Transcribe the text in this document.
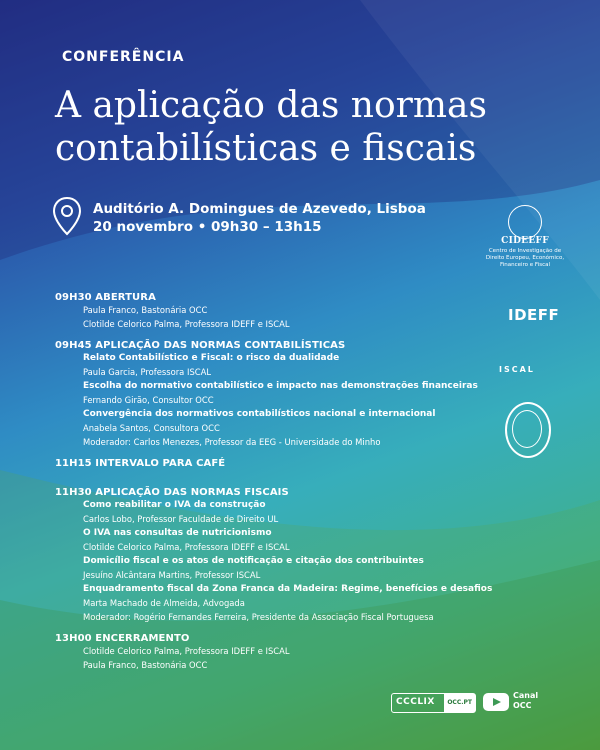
CONFERÊNCIA
A aplicação das normas
contabilísticas e fiscais
Auditório A. Domingues de Azevedo, Lisboa
20 novembro • 09h30 – 13h15
09H30 ABERTURA
Paula Franco, Bastonária OCC
Clotilde Celorico Palma, Professora IDEFF e ISCAL
09H45 APLICAÇÃO DAS NORMAS CONTABILÍSTICAS
Relato Contabilístico e Fiscal: o risco da dualidade
Paula Garcia, Professora ISCAL
Escolha do normativo contabilístico e impacto nas demonstrações financeiras
Fernando Girão, Consultor OCC
Convergência dos normativos contabilísticos nacional e internacional
Anabela Santos, Consultora OCC
Moderador: Carlos Menezes, Professor da EEG - Universidade do Minho
11H15 INTERVALO PARA CAFÉ
11H30 APLICAÇÃO DAS NORMAS FISCAIS
Como reabilitar o IVA da construção
Carlos Lobo, Professor Faculdade de Direito UL
O IVA nas consultas de nutricionismo
Clotilde Celorico Palma, Professora IDEFF e ISCAL
Domicílio fiscal e os atos de notificação e citação dos contribuintes
Jesuíno Alcântara Martins, Professor ISCAL
Enquadramento fiscal da Zona Franca da Madeira: Regime, benefícios e desafios
Marta Machado de Almeida, Advogada
Moderador: Rogério Fernandes Ferreira, Presidente da Associação Fiscal Portuguesa
13H00 ENCERRAMENTO
Clotilde Celorico Palma, Professora IDEFF e ISCAL
Paula Franco, Bastonária OCC
CIDEEFF
Centro de Investigação de Direito Europeu, Económico, Financeiro e Fiscal
IDEFF
ISCAL
CCCLIX	OCC.PT
Canal
OCC
